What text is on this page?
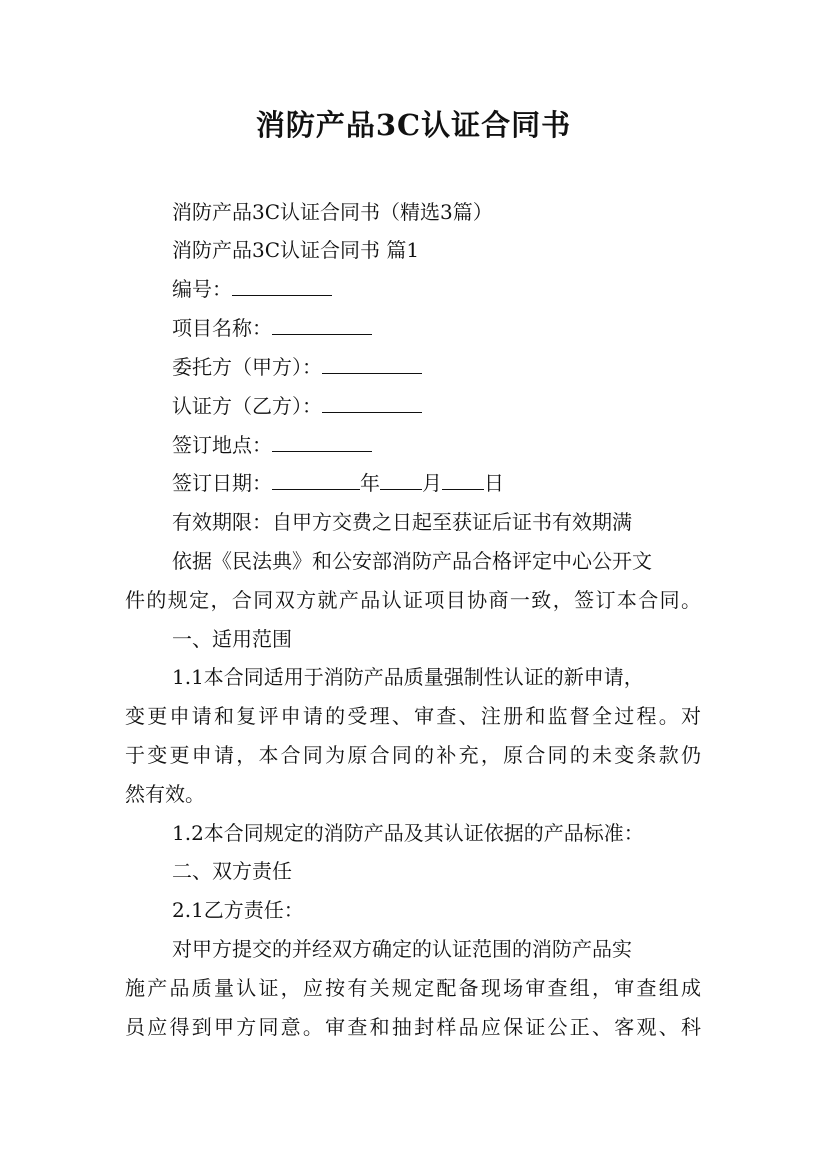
消防产品3C认证合同书
消防产品3C认证合同书（精选3篇）
消防产品3C认证合同书 篇1
编号：
项目名称：
委托方（甲方）：
认证方（乙方）：
签订地点：
签订日期：	年 月 日
有效期限：自甲方交费之日起至获证后证书有效期满
依据《民法典》和公安部消防产品合格评定中心公开文
件的规定，合同双方就产品认证项目协商一致，签订本合同。
一、适用范围
1.1本合同适用于消防产品质量强制性认证的新申请，
变更申请和复评申请的受理、审查、注册和监督全过程。对
于变更申请，本合同为原合同的补充，原合同的未变条款仍
然有效。
1.2本合同规定的消防产品及其认证依据的产品标准：
二、双方责任
2.1乙方责任：
对甲方提交的并经双方确定的认证范围的消防产品实
施产品质量认证，应按有关规定配备现场审查组，审查组成
员应得到甲方同意。审查和抽封样品应保证公正、客观、科
